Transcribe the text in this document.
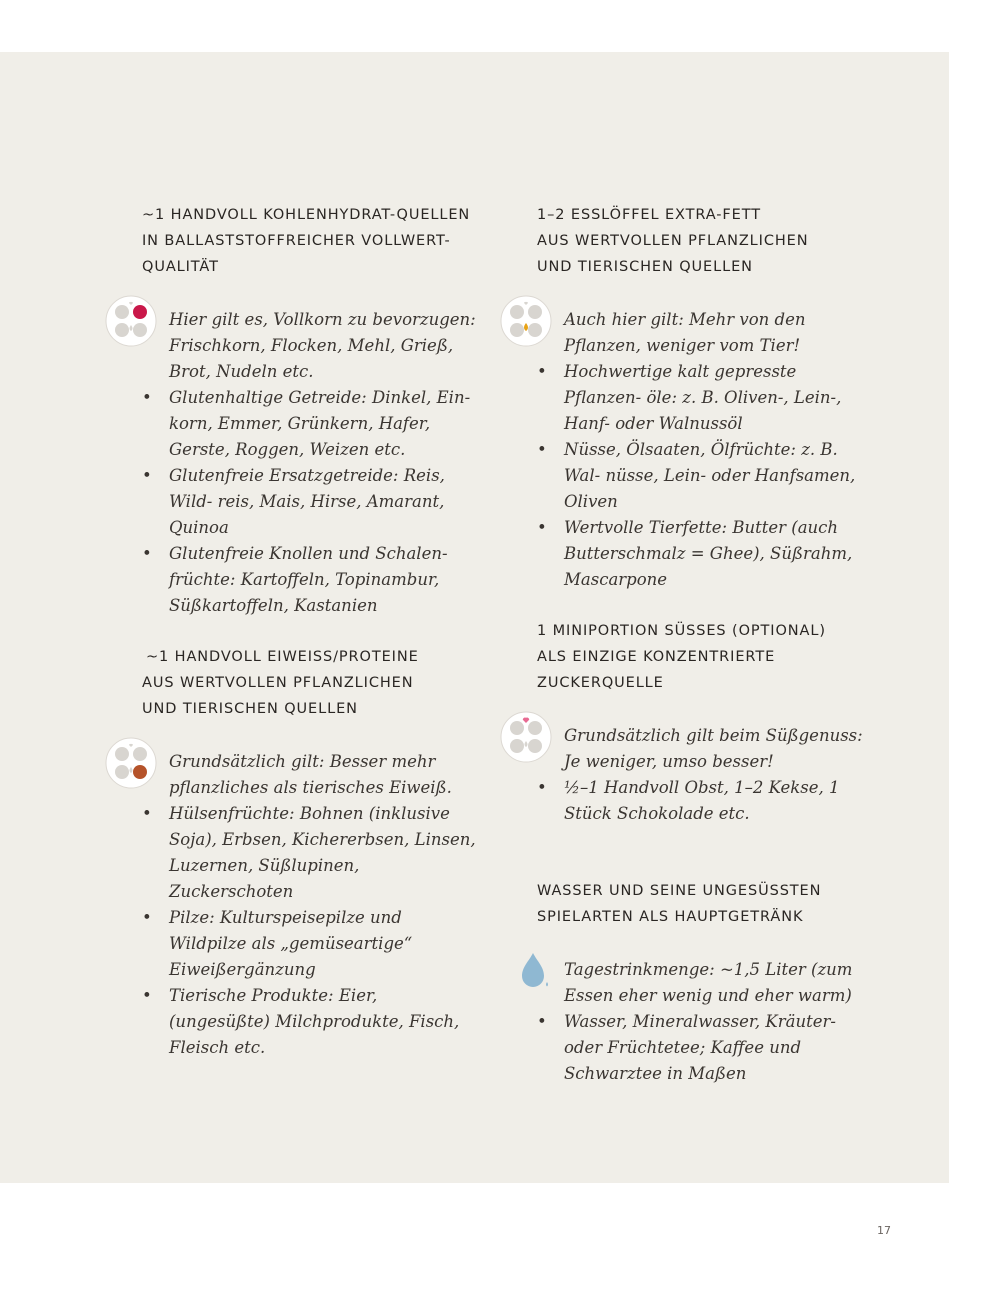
~1 HANDVOLL KOHLENHYDRAT-QUELLEN
IN BALLASTSTOFFREICHER VOLLWERT-
QUALITÄT

Hier gilt es, Vollkorn zu bevorzugen: Frischkorn, Flocken, Mehl, Grieß, Brot, Nudeln etc.

• Glutenhaltige Getreide: Dinkel, Ein- korn, Emmer, Grünkern, Hafer, Gerste, Roggen, Weizen etc.
• Glutenfreie Ersatzgetreide: Reis, Wild- reis, Mais, Hirse, Amarant, Quinoa
• Glutenfreie Knollen und Schalen- früchte: Kartoffeln, Topinambur, Süßkartoffeln, Kastanien
~1 HANDVOLL EIWEISS/PROTEINE
AUS WERTVOLLEN PFLANZLICHEN
UND TIERISCHEN QUELLEN

Grundsätzlich gilt: Besser mehr pflanzliches als tierisches Eiweiß.

• Hülsenfrüchte: Bohnen (inklusive Soja), Erbsen, Kichererbsen, Linsen, Luzernen, Süßlupinen, Zuckerschoten
• Pilze: Kulturspeisepilze und Wildpilze als „gemüseartige“ Eiweißergänzung
• Tierische Produkte: Eier, (ungesüßte) Milchprodukte, Fisch, Fleisch etc.
1–2 ESSLÖFFEL EXTRA-FETT
AUS WERTVOLLEN PFLANZLICHEN
UND TIERISCHEN QUELLEN

Auch hier gilt: Mehr von den Pflanzen, weniger vom Tier!

• Hochwertige kalt gepresste Pflanzen- öle: z. B. Oliven-, Lein-, Hanf- oder Walnussöl
• Nüsse, Ölsaaten, Ölfrüchte: z. B. Wal- nüsse, Lein- oder Hanfsamen, Oliven
• Wertvolle Tierfette: Butter (auch Butterschmalz = Ghee), Süßrahm, Mascarpone
1 MINIPORTION SÜSSES (OPTIONAL)
ALS EINZIGE KONZENTRIERTE
ZUCKERQUELLE

Grundsätzlich gilt beim Süßgenuss: Je weniger, umso besser!

• ½–1 Handvoll Obst, 1–2 Kekse, 1 Stück Schokolade etc.
WASSER UND SEINE UNGESÜSSTEN
SPIELARTEN ALS HAUPTGETRÄNK

Tagestrinkmenge: ~1,5 Liter (zum Essen eher wenig und eher warm)

• Wasser, Mineralwasser, Kräuter- oder Früchtetee; Kaffee und Schwarztee in Maßen
17
